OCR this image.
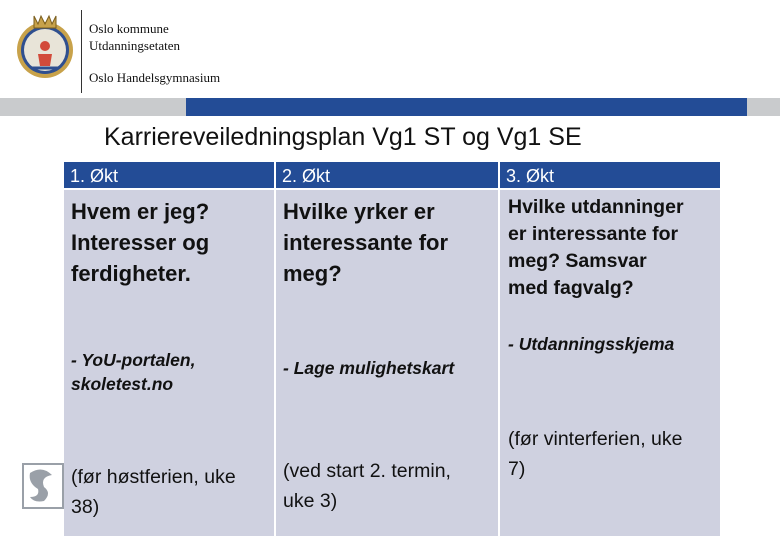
Oslo kommune
Utdanningsetaten
Oslo Handelsgymnasium
Karriereveiledningsplan Vg1 ST og Vg1 SE
1. Økt	2. Økt	3. Økt
Hvem er jeg?
Interesser og
ferdigheter.
- YoU-portalen,
skoletest.no
(før høstferien, uke
38)
Hvilke yrker er
interessante for
meg?
- Lage mulighetskart
(ved start 2. termin,
uke 3)
Hvilke utdanninger
er interessante for
meg? Samsvar
med fagvalg?
- Utdanningsskjema
(før vinterferien, uke
7)
